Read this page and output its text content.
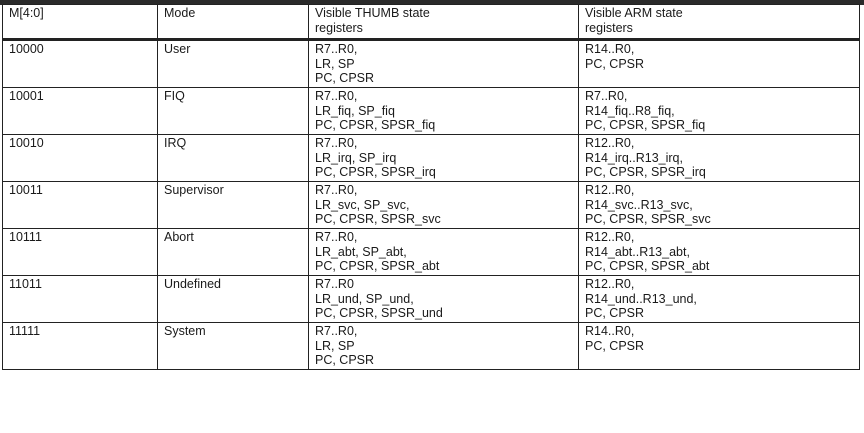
M[4:0]	Mode	Visible THUMB state
registers	Visible ARM state
registers

10000	User	R7..R0,
LR, SP
PC, CPSR	R14..R0,
PC, CPSR

10001	FIQ	R7..R0,
LR_fiq, SP_fiq
PC, CPSR, SPSR_fiq	R7..R0,
R14_fiq..R8_fiq,
PC, CPSR, SPSR_fiq

10010	IRQ	R7..R0,
LR_irq, SP_irq
PC, CPSR, SPSR_irq	R12..R0,
R14_irq..R13_irq,
PC, CPSR, SPSR_irq

10011	Supervisor	R7..R0,
LR_svc, SP_svc,
PC, CPSR, SPSR_svc	R12..R0,
R14_svc..R13_svc,
PC, CPSR, SPSR_svc

10111	Abort	R7..R0,
LR_abt, SP_abt,
PC, CPSR, SPSR_abt	R12..R0,
R14_abt..R13_abt,
PC, CPSR, SPSR_abt

11011	Undefined	R7..R0
LR_und, SP_und,
PC, CPSR, SPSR_und	R12..R0,
R14_und..R13_und,
PC, CPSR

11111	System	R7..R0,
LR, SP
PC, CPSR	R14..R0,
PC, CPSR
